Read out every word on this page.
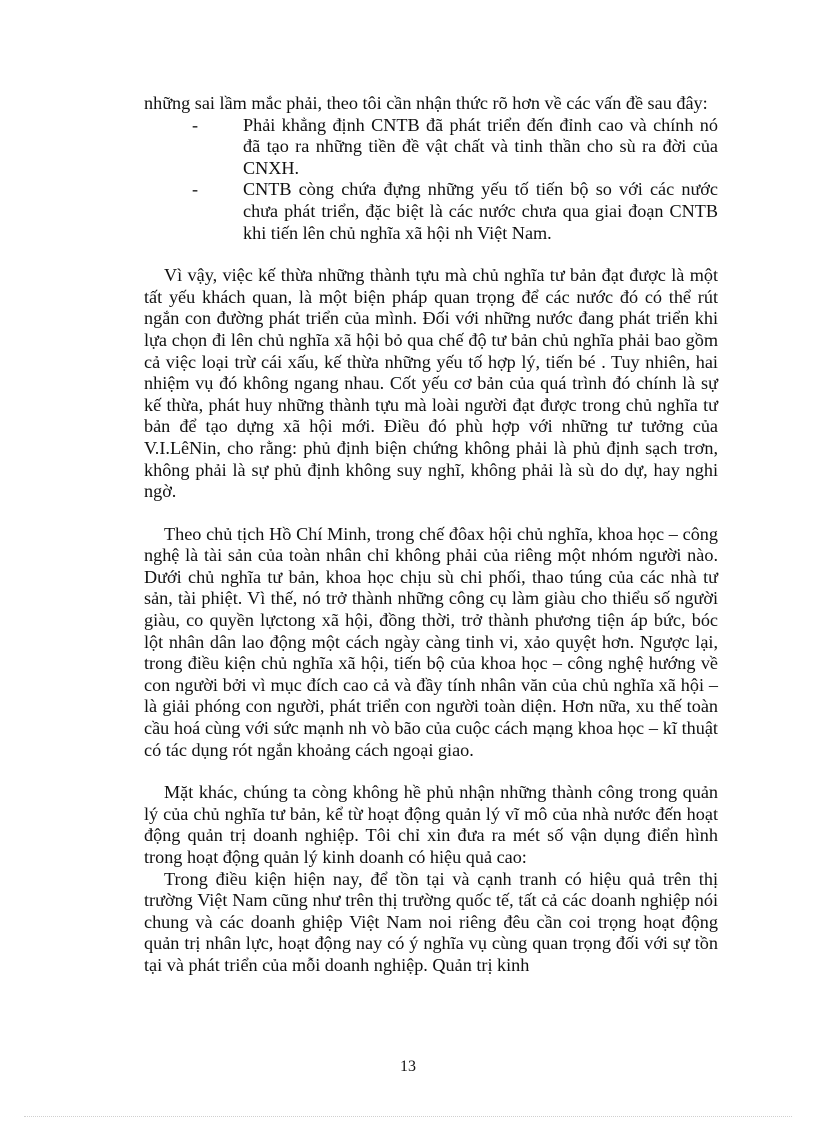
những sai lầm mắc phải, theo tôi cần nhận thức rõ hơn về các vấn đề sau đây:

- Phải khẳng định CNTB đã phát triển đến đỉnh cao và chính nó đã tạo ra những tiền đề vật chất và tinh thần cho sù ra đời của CNXH.

- CNTB còng chứa đựng những yếu tố tiến bộ so với các nước chưa phát triển, đặc biệt là các nước chưa qua giai đoạn CNTB khi tiến lên chủ nghĩa xã hội nh Việt Nam.

Vì vậy, việc kế thừa những thành tựu mà chủ nghĩa tư bản đạt được là một tất yếu khách quan, là một biện pháp quan trọng để các nước đó có thể rút ngắn con đường phát triển của mình. Đối với những nước đang phát triển khi lựa chọn đi lên chủ nghĩa xã hội bỏ qua chế độ tư bản chủ nghĩa phải bao gồm cả việc loại trừ cái xấu, kế thừa những yếu tố hợp lý, tiến bé . Tuy nhiên, hai nhiệm vụ đó không ngang nhau. Cốt yếu cơ bản của quá trình đó chính là sự kế thừa, phát huy những thành tựu mà loài người đạt được trong chủ nghĩa tư bản để tạo dựng xã hội mới. Điều đó phù hợp với những tư tưởng của V.I.LêNin, cho rằng: phủ định biện chứng không phải là phủ định sạch trơn, không phải là sự phủ định không suy nghĩ, không phải là sù do dự, hay nghi ngờ.

Theo chủ tịch Hồ Chí Minh, trong chế đôax hội chủ nghĩa, khoa học – công nghệ là tài sản của toàn nhân chỉ không phải của riêng một nhóm người nào. Dưới chủ nghĩa tư bản, khoa học chịu sù chi phối, thao túng của các nhà tư sản, tài phiệt. Vì thế, nó trở thành những công cụ làm giàu cho thiểu số người giàu, co quyền lựctong xã hội, đồng thời, trở thành phương tiện áp bức, bóc lột nhân dân lao động một cách ngày càng tinh vi, xảo quyệt hơn. Ngược lại, trong điều kiện chủ nghĩa xã hội, tiến bộ của khoa học – công nghệ hướng về con người bởi vì mục đích cao cả và đầy tính nhân văn của chủ nghĩa xã hội – là giải phóng con người, phát triển con người toàn diện. Hơn nữa, xu thế toàn cầu hoá cùng với sức mạnh nh vò bão của cuộc cách mạng khoa học – kĩ thuật có tác dụng rót ngắn khoảng cách ngoại giao.

Mặt khác, chúng ta còng không hề phủ nhận những thành công trong quản lý của chủ nghĩa tư bản, kể từ hoạt động quản lý vĩ mô của nhà nước đến hoạt động quản trị doanh nghiệp. Tôi chỉ xin đưa ra mét số vận dụng điển hình trong hoạt động quản lý kinh doanh có hiệu quả cao:

Trong điều kiện hiện nay, để tồn tại và cạnh tranh có hiệu quả trên thị trường Việt Nam cũng như trên thị trường quốc tế, tất cả các doanh nghiệp nói chung và các doanh ghiệp Việt Nam noi riêng đêu cần coi trọng hoạt động quản trị nhân lực, hoạt động nay có ý nghĩa vụ cùng quan trọng đối với sự tồn tại và phát triển của mỗi doanh nghiệp. Quản trị kinh

13
